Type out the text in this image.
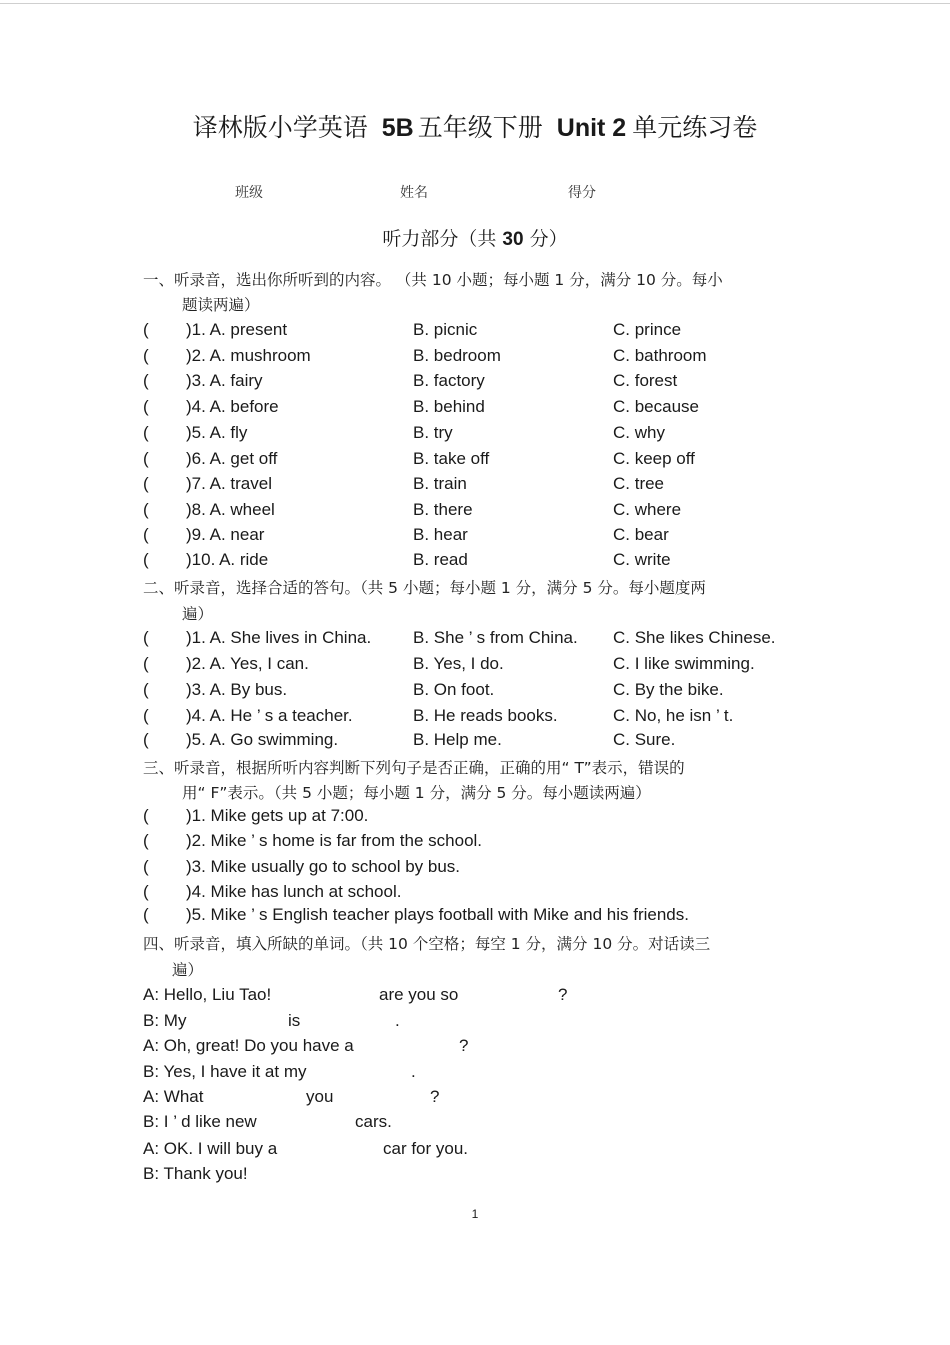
译林版小学英语 5B 五年级下册 Unit 2 单元练习卷
班级	姓名	得分
听力部分（共 30 分）
一、听录音，选出你所听到的内容。 （共 10 小题；每小题 1 分，满分 10 分。每小
题读两遍）
( )1. A. present	B. picnic	C. prince
( )2. A. mushroom	B. bedroom	C. bathroom
( )3. A. fairy	B. factory	C. forest
( )4. A. before	B. behind	C. because
( )5. A. fly	B. try	C. why
( )6. A. get off	B. take off	C. keep off
( )7. A. travel	B. train	C. tree
( )8. A. wheel	B. there	C. where
( )9. A. near	B. hear	C. bear
( )10. A. ride	B. read	C. write
二、听录音，选择合适的答句。（共 5 小题；每小题 1 分，满分 5 分。每小题度两
遍）
( )1. A. She lives in China. B. She ’ s from China. C. She likes Chinese.
( )2. A. Yes, I can.	B. Yes, I do.	C. I like swimming.
( )3. A. By bus.	B. On foot.	C. By the bike.
( )4. A. He ’ s a teacher.	B. He reads books.	C. No, he isn ’ t.
( )5. A. Go swimming.	B. Help me.	C. Sure.
三、听录音，根据所听内容判断下列句子是否正确，正确的用“ T”表示，错误的
用“ F”表示。（共 5 小题；每小题 1 分，满分 5 分。每小题读两遍）
( )1. Mike gets up at 7:00.
( )2. Mike ’ s home is far from the school.
( )3. Mike usually go to school by bus.
( )4. Mike has lunch at school.
( )5. Mike ’ s English teacher plays football with Mike and his friends.
四、听录音，填入所缺的单词。（共 10 个空格；每空 1 分，满分 10 分。对话读三
遍）
A: Hello, Liu Tao!	are you so	?
B: My	is	.
A: Oh, great! Do you have a	?
B: Yes, I have it at my	.
A: What	you	?
B: I ’ d like new	cars.
A: OK. I will buy a	car for you.
B: Thank you!
1
